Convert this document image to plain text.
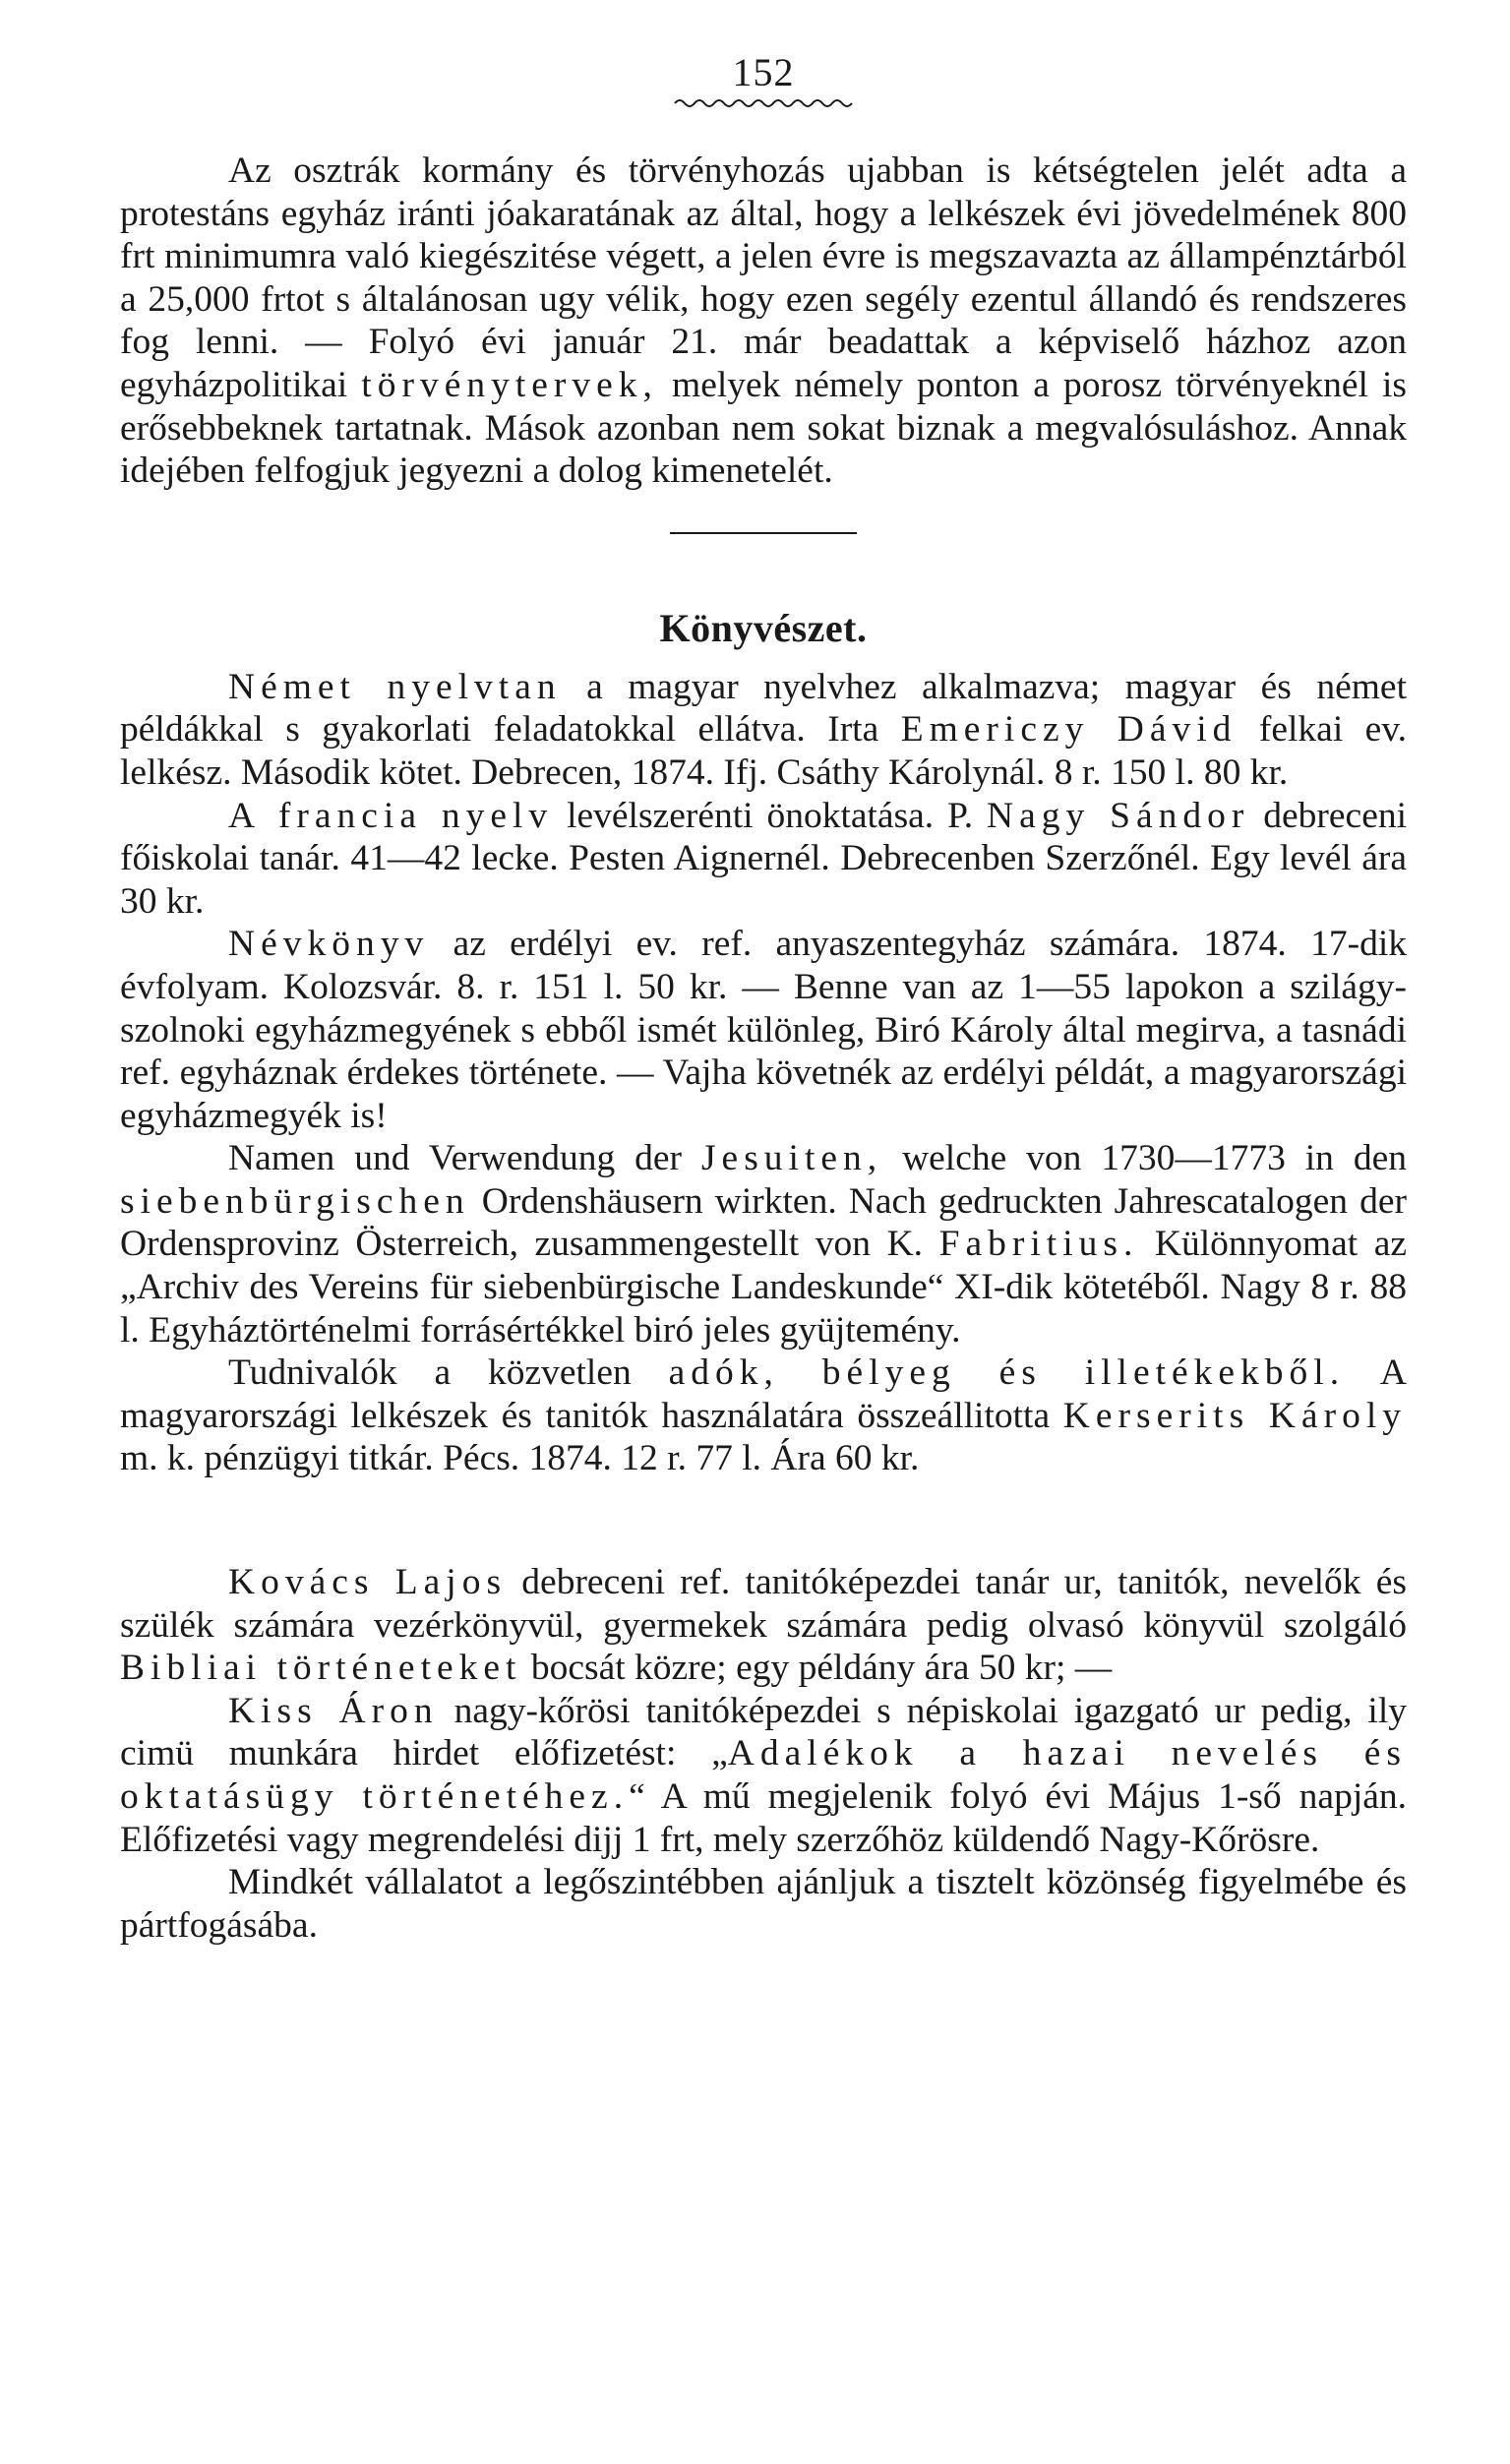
152

Az osztrák kormány és törvényhozás ujabban is kétségtelen jelét adta a protestáns egyház iránti jóakaratának az által, hogy a lelkészek évi jövedelmének 800 frt minimumra való kiegészitése végett, a jelen évre is megszavazta az állampénztárból a 25,000 frtot s általánosan ugy vélik, hogy ezen segély ezentul állandó és rendszeres fog lenni. — Folyó évi január 21. már beadattak a képviselő házhoz azon egyházpolitikai törvénytervek, melyek némely ponton a porosz törvényeknél is erősebbeknek tartatnak. Mások azonban nem sokat biznak a megvalósuláshoz. Annak idejében felfogjuk jegyezni a dolog kimenetelét.

Könyvészet.

Német nyelvtan a magyar nyelvhez alkalmazva; magyar és német példákkal s gyakorlati feladatokkal ellátva. Irta Emericzy Dávid felkai ev. lelkész. Második kötet. Debrecen, 1874. Ifj. Csáthy Károlynál. 8 r. 150 l. 80 kr.

A francia nyelv levélszerénti önoktatása. P. Nagy Sándor debreceni főiskolai tanár. 41—42 lecke. Pesten Aignernél. Debrecenben Szerzőnél. Egy levél ára 30 kr.

Névkönyv az erdélyi ev. ref. anyaszentegyház számára. 1874. 17-dik évfolyam. Kolozsvár. 8. r. 151 l. 50 kr. — Benne van az 1—55 lapokon a szilágy- szolnoki egyházmegyének s ebből ismét különleg, Biró Károly által megirva, a tasnádi ref. egyháznak érdekes története. — Vajha követnék az erdélyi példát, a magyarországi egyházmegyék is!

Namen und Verwendung der Jesuiten, welche von 1730—1773 in den siebenbürgischen Ordenshäusern wirkten. Nach gedruckten Jahrescatalogen der Ordensprovinz Österreich, zusammengestellt von K. Fabritius. Különnyomat az „Archiv des Vereins für siebenbürgische Landeskunde“ XI-dik kötetéből. Nagy 8 r. 88 l. Egyháztörténelmi forrásértékkel biró jeles gyüjtemény.

Tudnivalók a közvetlen adók, bélyeg és illetékekből. A magyarországi lelkészek és tanitók használatára összeállitotta Kerserits Károly m. k. pénzügyi titkár. Pécs. 1874. 12 r. 77 l. Ára 60 kr.

Kovács Lajos debreceni ref. tanitóképezdei tanár ur, tanitók, nevelők és szülék számára vezérkönyvül, gyermekek számára pedig olvasó könyvül szolgáló Bibliai történeteket bocsát közre; egy példány ára 50 kr; —

Kiss Áron nagy-kőrösi tanitóképezdei s népiskolai igazgató ur pedig, ily cimü munkára hirdet előfizetést: „Adalékok a hazai nevelés és oktatásügy történetéhez.“ A mű megjelenik folyó évi Május 1-ső napján. Előfizetési vagy megrendelési dijj 1 frt, mely szerzőhöz küldendő Nagy-Kőrösre.

Mindkét vállalatot a legőszintébben ajánljuk a tisztelt közönség figyelmébe és pártfogásába.
